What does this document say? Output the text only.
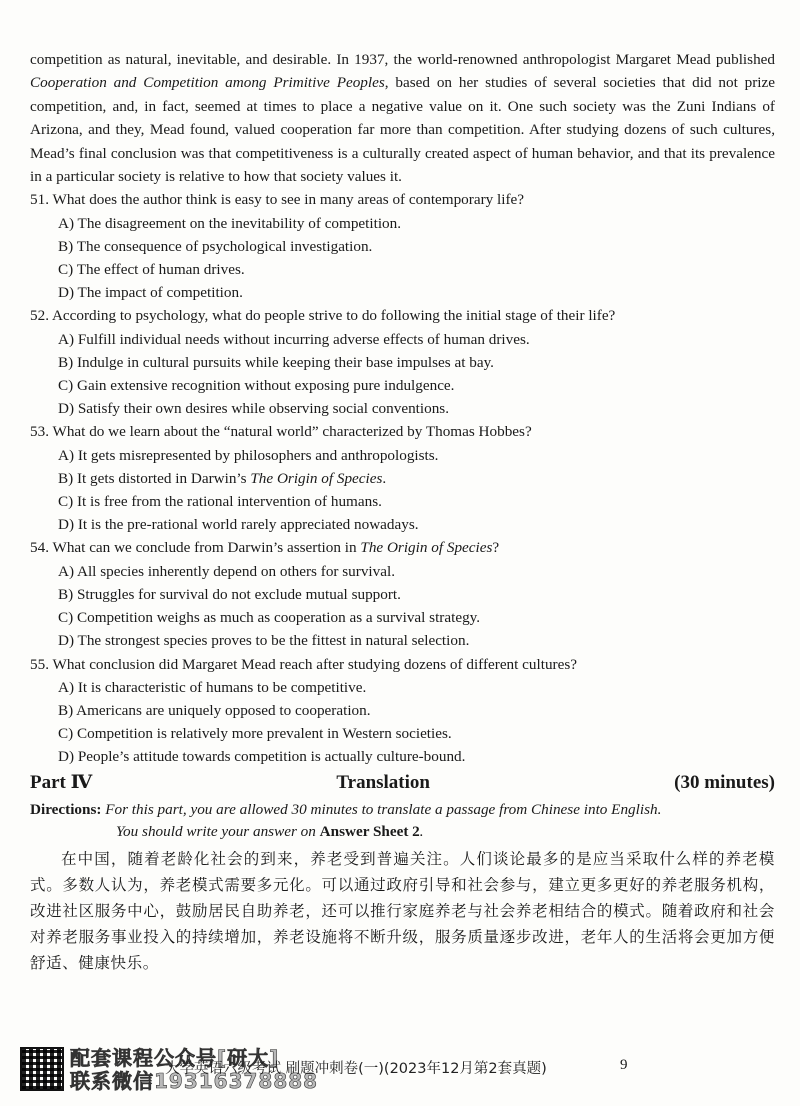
competition as natural, inevitable, and desirable. In 1937, the world-renowned anthropologist Margaret Mead published Cooperation and Competition among Primitive Peoples, based on her studies of several societies that did not prize competition, and, in fact, seemed at times to place a negative value on it. One such society was the Zuni Indians of Arizona, and they, Mead found, valued cooperation far more than competition. After studying dozens of such cultures, Mead’s final conclusion was that competitiveness is a culturally created aspect of human behavior, and that its prevalence in a particular society is relative to how that society values it.

51. What does the author think is easy to see in many areas of contemporary life?

A) The disagreement on the inevitability of competition.

B) The consequence of psychological investigation.

C) The effect of human drives.

D) The impact of competition.

52. According to psychology, what do people strive to do following the initial stage of their life?

A) Fulfill individual needs without incurring adverse effects of human drives.

B) Indulge in cultural pursuits while keeping their base impulses at bay.

C) Gain extensive recognition without exposing pure indulgence.

D) Satisfy their own desires while observing social conventions.

53. What do we learn about the “natural world” characterized by Thomas Hobbes?

A) It gets misrepresented by philosophers and anthropologists.

B) It gets distorted in Darwin’s The Origin of Species.

C) It is free from the rational intervention of humans.

D) It is the pre-rational world rarely appreciated nowadays.

54. What can we conclude from Darwin’s assertion in The Origin of Species?

A) All species inherently depend on others for survival.

B) Struggles for survival do not exclude mutual support.

C) Competition weighs as much as cooperation as a survival strategy.

D) The strongest species proves to be the fittest in natural selection.

55. What conclusion did Margaret Mead reach after studying dozens of different cultures?

A) It is characteristic of humans to be competitive.

B) Americans are uniquely opposed to cooperation.

C) Competition is relatively more prevalent in Western societies.

D) People’s attitude towards competition is actually culture-bound.

Part Ⅳ	Translation	(30 minutes)
Directions: For this part, you are allowed 30 minutes to translate a passage from Chinese into English.
You should write your answer on Answer Sheet 2.

在中国，随着老龄化社会的到来，养老受到普遍关注。人们谈论最多的是应当采取什么样的养老模式。多数人认为，养老模式需要多元化。可以通过政府引导和社会参与，建立更多更好的养老服务机构，改进社区服务中心，鼓励居民自助养老，还可以推行家庭养老与社会养老相结合的模式。随着政府和社会对养老服务事业投入的持续增加，养老设施将不断升级，服务质量逐步改进，老年人的生活将会更加方便舒适、健康快乐。

配套课程公众号[研大]
联系微信19316378888
大学英语六级考试 刷题冲刺卷(一)(2023年12月第2套真题)	9
